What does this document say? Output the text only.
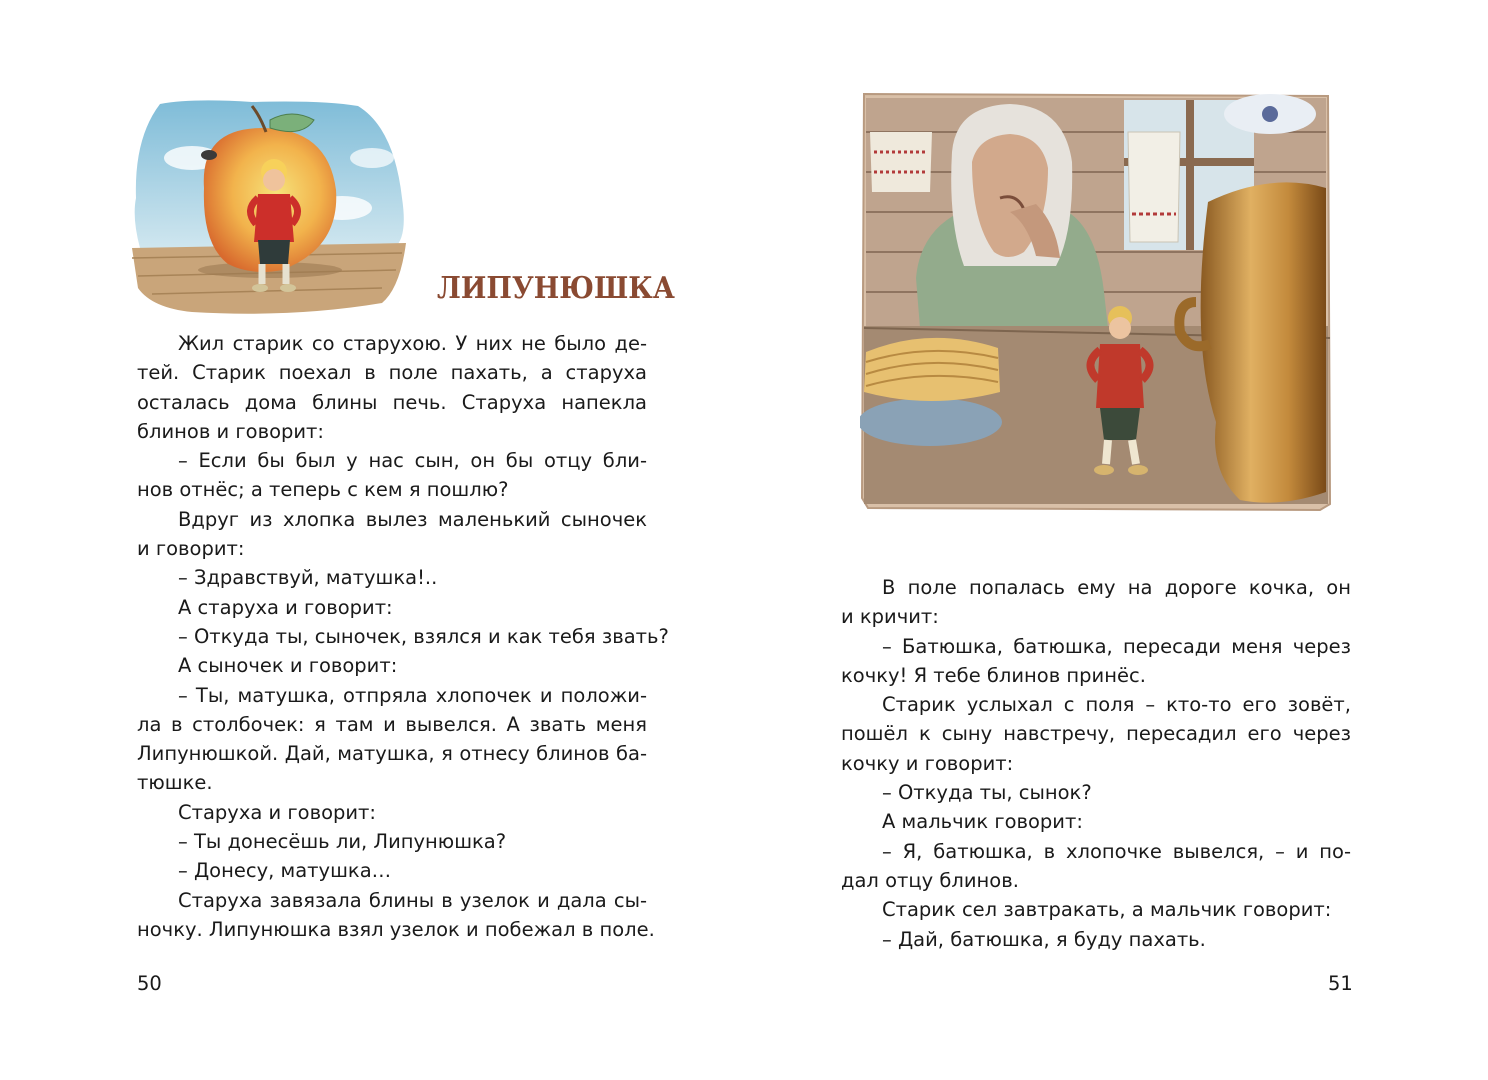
ЛИПУНЮШКА

Жил старик со старухою. У них не было де-

тей. Старик поехал в поле пахать, а старуха

осталась дома блины печь. Старуха напекла

блинов и говорит:

– Если бы был у нас сын, он бы отцу бли-

нов отнёс; а теперь с кем я пошлю?

Вдруг из хлопка вылез маленький сыночек

и говорит:

– Здравствуй, матушка!..

А старуха и говорит:

– Откуда ты, сыночек, взялся и как тебя звать?

А сыночек и говорит:

– Ты, матушка, отпряла хлопочек и положи-

ла в столбочек: я там и вывелся. А звать меня

Липунюшкой. Дай, матушка, я отнесу блинов ба-

тюшке.

Старуха и говорит:

– Ты донесёшь ли, Липунюшка?

– Донесу, матушка…

Старуха завязала блины в узелок и дала сы-

ночку. Липунюшка взял узелок и побежал в поле.

50

В поле попалась ему на дороге кочка, он

и кричит:

– Батюшка, батюшка, пересади меня через

кочку! Я тебе блинов принёс.

Старик услыхал с поля – кто-то его зовёт,

пошёл к сыну навстречу, пересадил его через

кочку и говорит:

– Откуда ты, сынок?

А мальчик говорит:

– Я, батюшка, в хлопочке вывелся, – и по-

дал отцу блинов.

Старик сел завтракать, а мальчик говорит:

– Дай, батюшка, я буду пахать.

51
